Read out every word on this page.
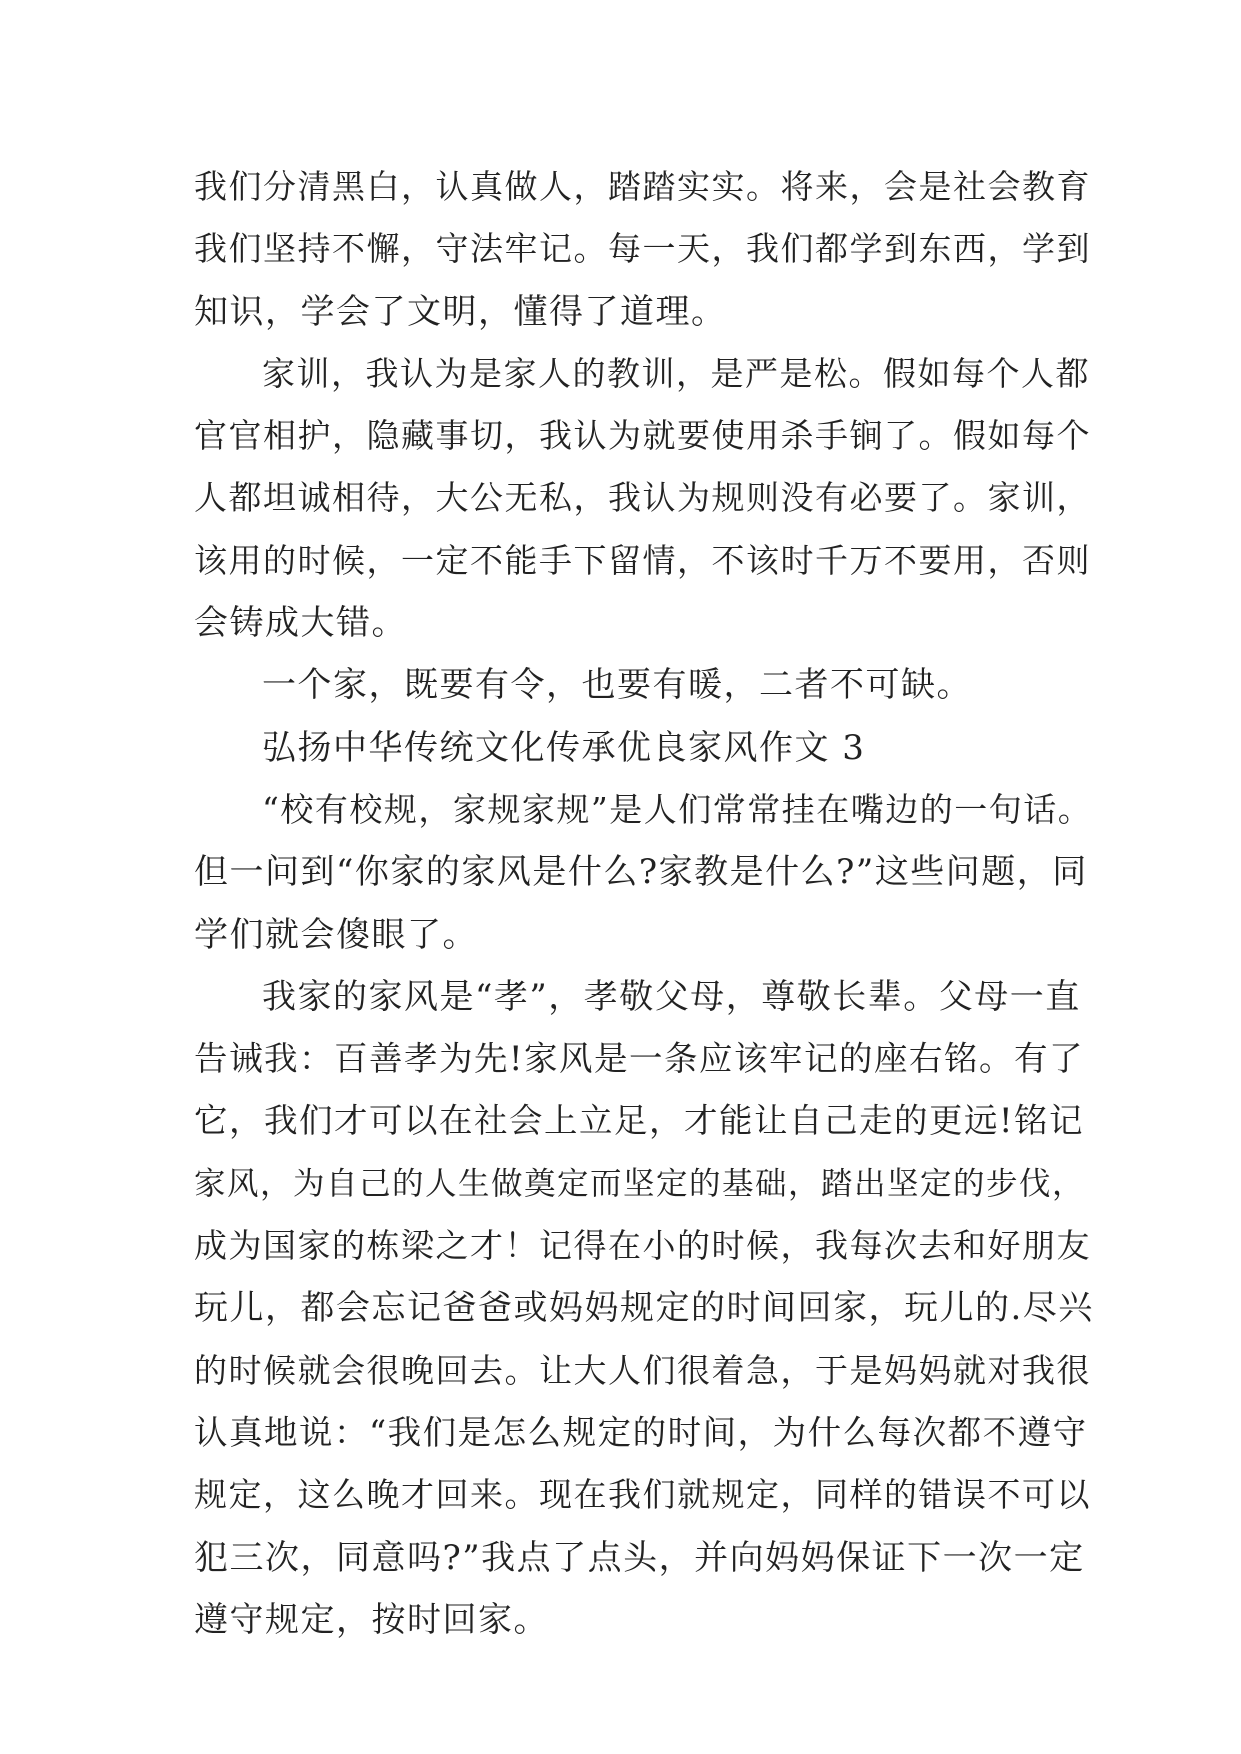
我们分清黑白，认真做人，踏踏实实。将来，会是社会教育
我们坚持不懈，守法牢记。每一天，我们都学到东西，学到
知识，学会了文明，懂得了道理。
家训，我认为是家人的教训，是严是松。假如每个人都
官官相护，隐藏事切，我认为就要使用杀手锏了。假如每个
人都坦诚相待，大公无私，我认为规则没有必要了。家训，
该用的时候，一定不能手下留情，不该时千万不要用，否则
会铸成大错。
一个家，既要有令，也要有暖，二者不可缺。
弘扬中华传统文化传承优良家风作文 3
“校有校规，家规家规”是人们常常挂在嘴边的一句话。
但一问到“你家的家风是什么?家教是什么?”这些问题，同
学们就会傻眼了。
我家的家风是“孝”，孝敬父母，尊敬长辈。父母一直
告诫我：百善孝为先!家风是一条应该牢记的座右铭。有了
它，我们才可以在社会上立足，才能让自己走的更远!铭记
家风，为自己的人生做奠定而坚定的基础，踏出坚定的步伐，
成为国家的栋梁之才！记得在小的时候，我每次去和好朋友
玩儿，都会忘记爸爸或妈妈规定的时间回家，玩儿的.尽兴
的时候就会很晚回去。让大人们很着急，于是妈妈就对我很
认真地说：“我们是怎么规定的时间，为什么每次都不遵守
规定，这么晚才回来。现在我们就规定，同样的错误不可以
犯三次，同意吗?”我点了点头，并向妈妈保证下一次一定
遵守规定，按时回家。
